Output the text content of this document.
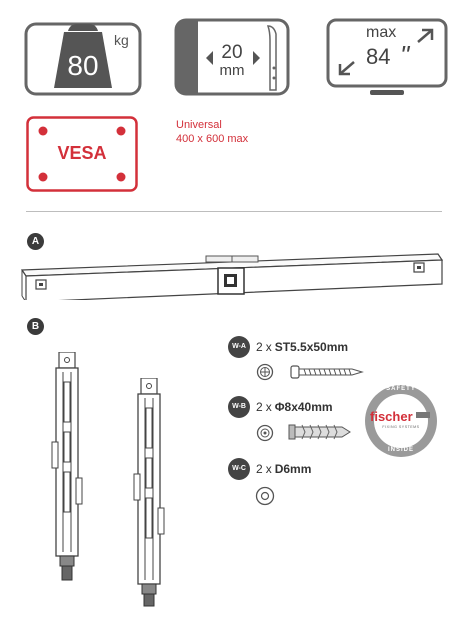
80
kg
20
mm
max
84 "
VESA
Universal
400 x 600 max
A
B
W-A 2 x ST5.5x50mm
W-B 2 x Φ8x40mm
W-C 2 x D6mm
SAFETY
fischer
FIXING SYSTEMS
INSIDE
